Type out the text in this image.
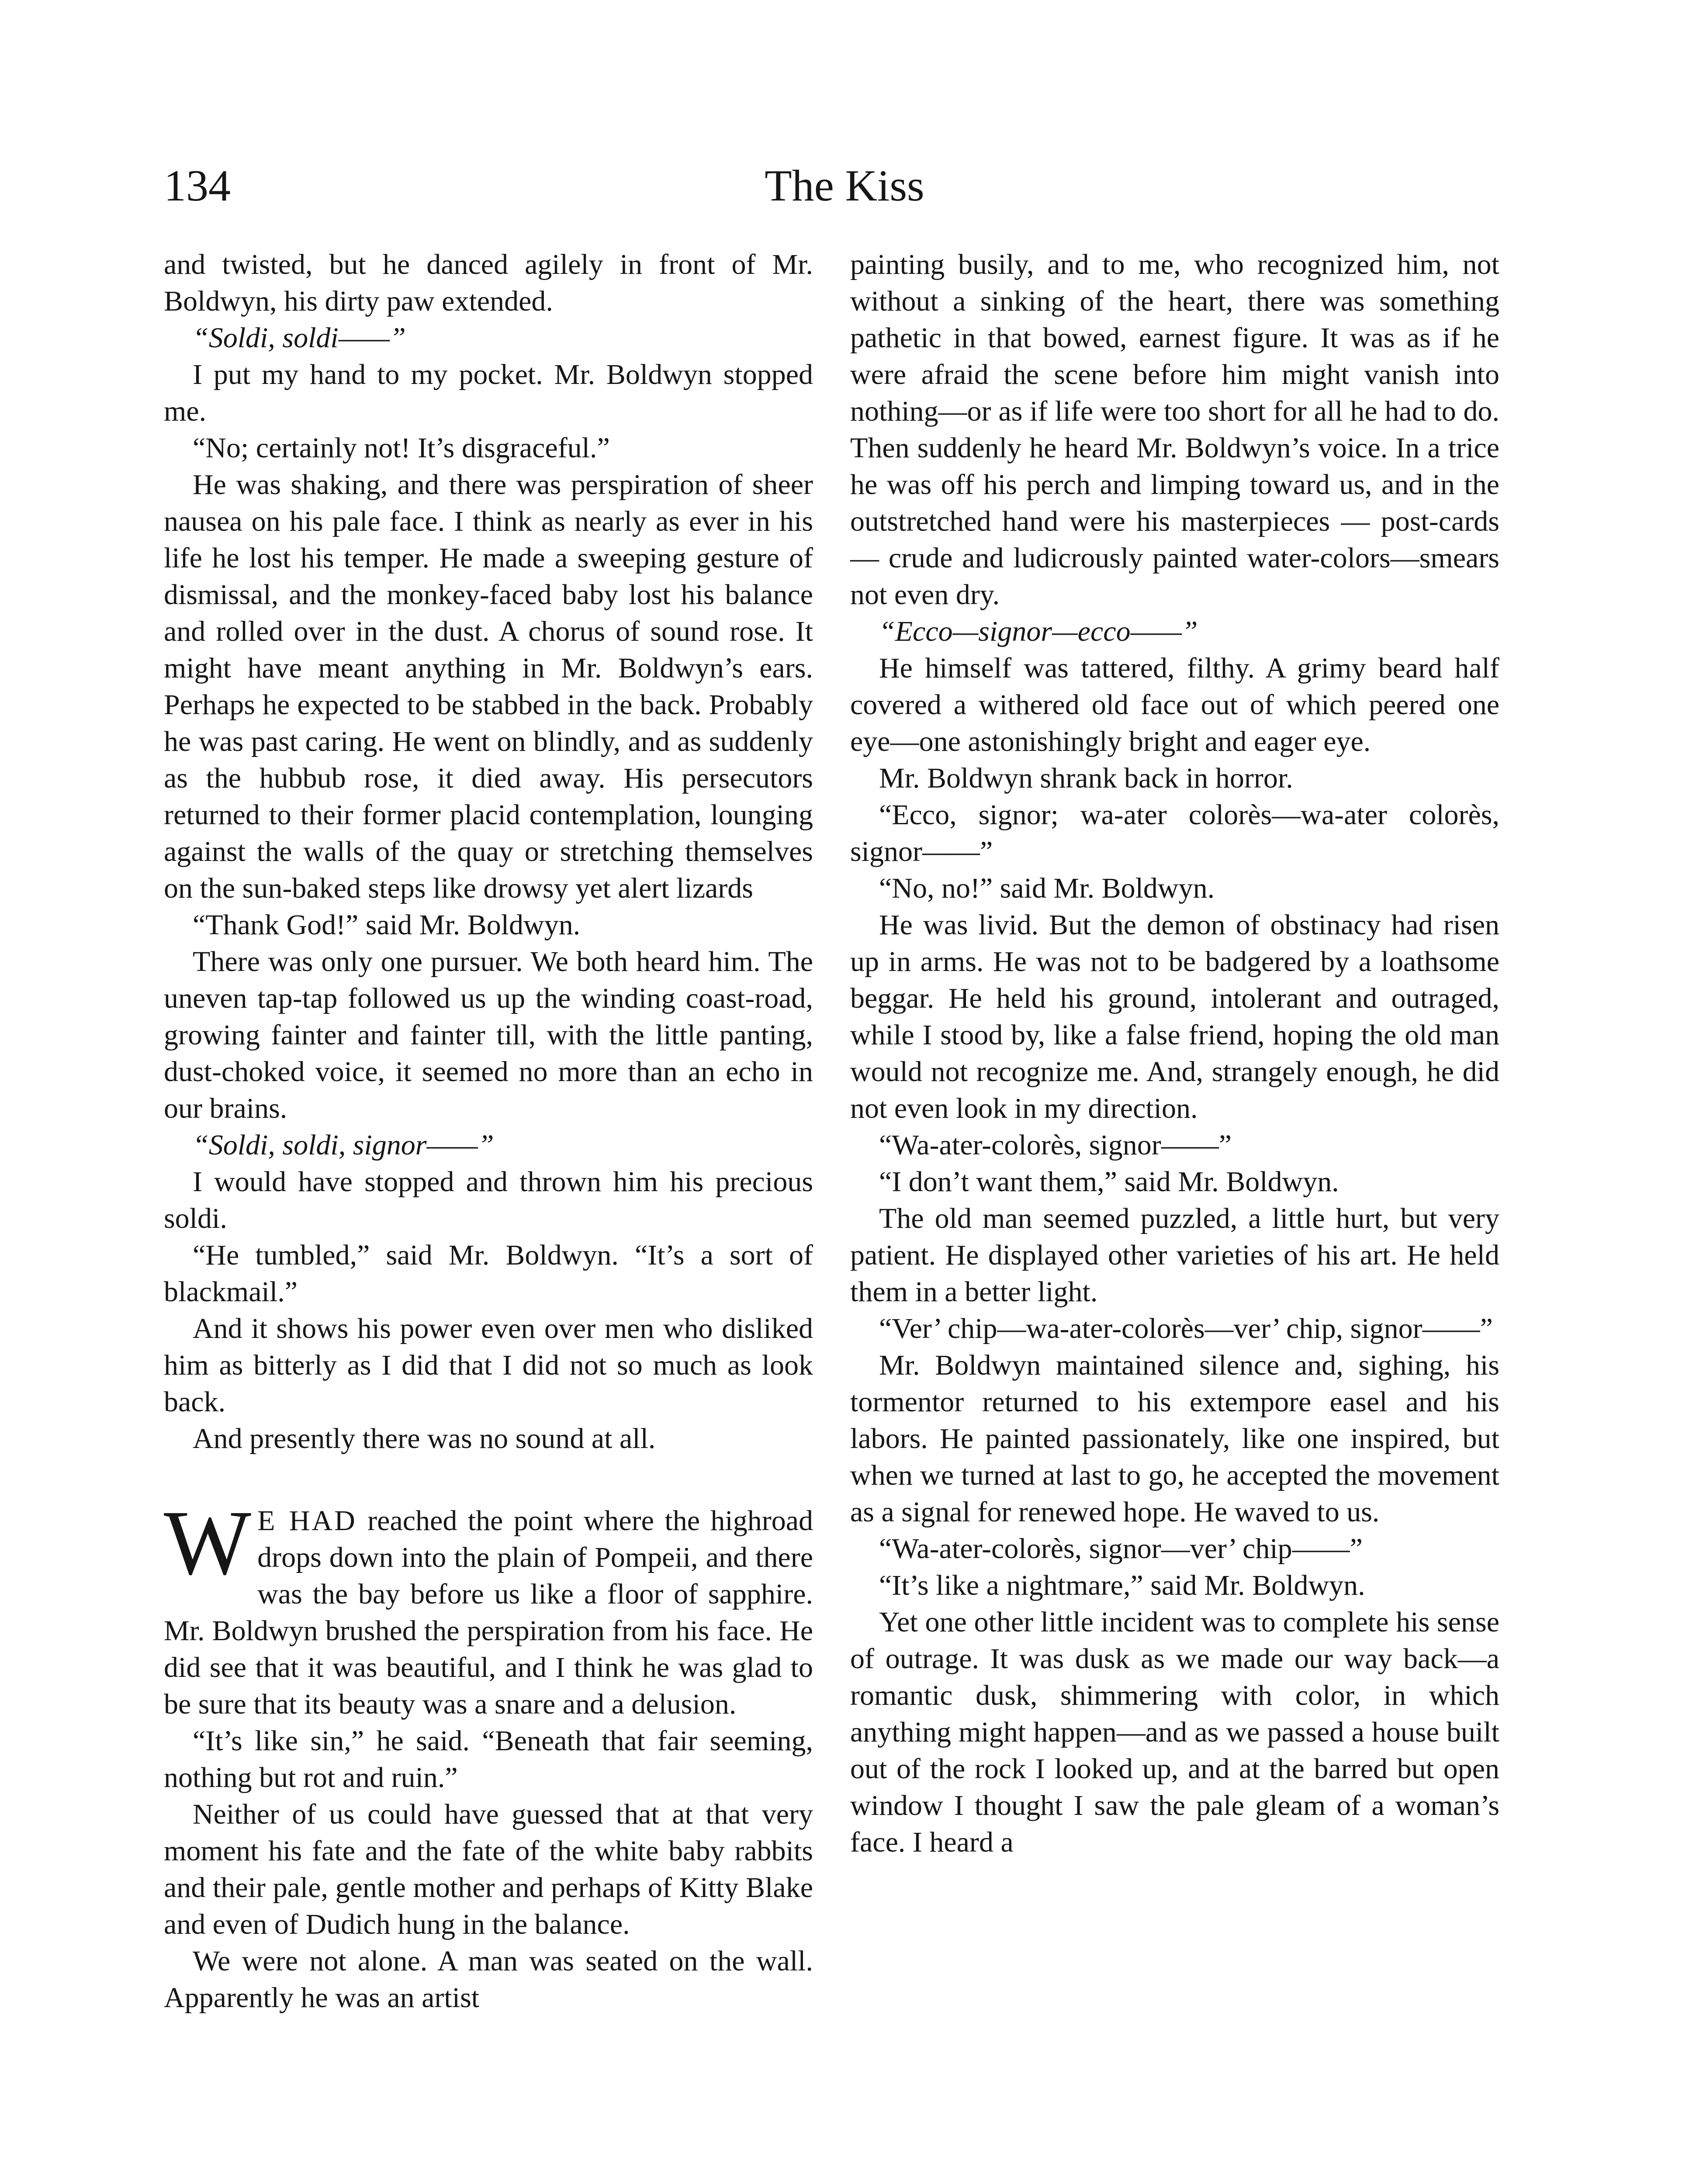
134	The Kiss

and twisted, but he danced agilely in front of Mr. Boldwyn, his dirty paw extended.

“Soldi, soldi——”

I put my hand to my pocket. Mr. Boldwyn stopped me.

“No; certainly not! It’s disgraceful.”

He was shaking, and there was perspiration of sheer nausea on his pale face. I think as nearly as ever in his life he lost his temper. He made a sweeping gesture of dismissal, and the monkey-faced baby lost his balance and rolled over in the dust. A chorus of sound rose. It might have meant anything in Mr. Boldwyn’s ears. Perhaps he expected to be stabbed in the back. Probably he was past caring. He went on blindly, and as suddenly as the hubbub rose, it died away. His persecutors returned to their former placid contemplation, lounging against the walls of the quay or stretching themselves on the sun-baked steps like drowsy yet alert lizards

“Thank God!” said Mr. Boldwyn.

There was only one pursuer. We both heard him. The uneven tap-tap followed us up the winding coast-road, growing fainter and fainter till, with the little panting, dust-choked voice, it seemed no more than an echo in our brains.

“Soldi, soldi, signor——”

I would have stopped and thrown him his precious soldi.

“He tumbled,” said Mr. Boldwyn. “It’s a sort of blackmail.”

And it shows his power even over men who disliked him as bitterly as I did that I did not so much as look back.

And presently there was no sound at all.

W E HAD reached the point where the highroad drops down into the plain of Pompeii, and there was the bay before us like a floor of sapphire. Mr. Boldwyn brushed the perspiration from his face. He did see that it was beautiful, and I think he was glad to be sure that its beauty was a snare and a delusion.

“It’s like sin,” he said. “Beneath that fair seeming, nothing but rot and ruin.”

Neither of us could have guessed that at that very moment his fate and the fate of the white baby rabbits and their pale, gentle mother and perhaps of Kitty Blake and even of Dudich hung in the balance.

We were not alone. A man was seated on the wall. Apparently he was an artist

painting busily, and to me, who recognized him, not without a sinking of the heart, there was something pathetic in that bowed, earnest figure. It was as if he were afraid the scene before him might vanish into nothing—or as if life were too short for all he had to do. Then suddenly he heard Mr. Boldwyn’s voice. In a trice he was off his perch and limping toward us, and in the outstretched hand were his masterpieces — post-cards — crude and ludicrously painted water-colors—smears not even dry.

“Ecco—signor—ecco——”

He himself was tattered, filthy. A grimy beard half covered a withered old face out of which peered one eye—one astonishingly bright and eager eye.

Mr. Boldwyn shrank back in horror.

“Ecco, signor; wa-ater colorès—wa-ater colorès, signor——”

“No, no!” said Mr. Boldwyn.

He was livid. But the demon of obstinacy had risen up in arms. He was not to be badgered by a loathsome beggar. He held his ground, intolerant and outraged, while I stood by, like a false friend, hoping the old man would not recognize me. And, strangely enough, he did not even look in my direction.

“Wa-ater-colorès, signor——”

“I don’t want them,” said Mr. Boldwyn.

The old man seemed puzzled, a little hurt, but very patient. He displayed other varieties of his art. He held them in a better light.

“Ver’ chip—wa-ater-colorès—ver’ chip, signor——”

Mr. Boldwyn maintained silence and, sighing, his tormentor returned to his extempore easel and his labors. He painted passionately, like one inspired, but when we turned at last to go, he accepted the movement as a signal for renewed hope. He waved to us.

“Wa-ater-colorès, signor—ver’ chip——”

“It’s like a nightmare,” said Mr. Boldwyn.

Yet one other little incident was to complete his sense of outrage. It was dusk as we made our way back—a romantic dusk, shimmering with color, in which anything might happen—and as we passed a house built out of the rock I looked up, and at the barred but open window I thought I saw the pale gleam of a woman’s face. I heard a
